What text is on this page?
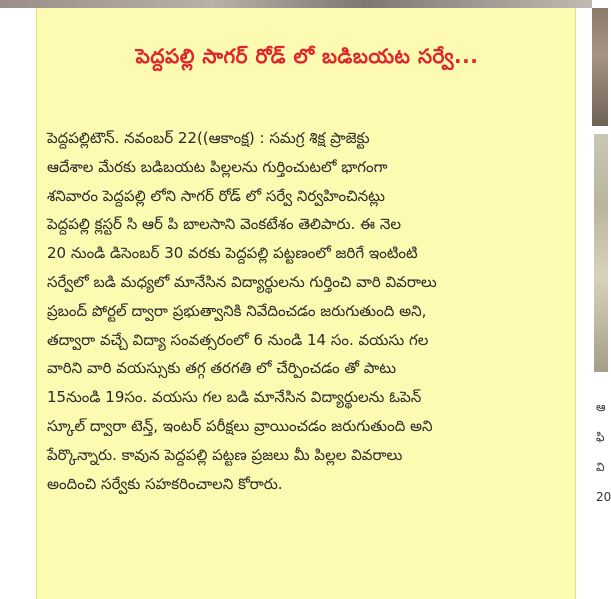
పెద్దపల్లి సాగర్ రోడ్ లో బడిబయట సర్వే...
పెద్దపల్లిటౌన్. నవంబర్ 22((ఆకాంక్ష) : సమగ్ర శిక్ష ప్రాజెక్టు
ఆదేశాల మేరకు బడిబయట పిల్లలను గుర్తించుటలో భాగంగా
శనివారం పెద్దపల్లి లోని సాగర్ రోడ్ లో సర్వే నిర్వహించినట్లు
పెద్దపల్లి క్లస్టర్ సి ఆర్ పి బాలసాని వెంకటేశం తెలిపారు. ఈ నెల
20 నుండి డిసెంబర్ 30 వరకు పెద్దపల్లి పట్టణంలో జరిగే ఇంటింటి
సర్వేలో బడి మధ్యలో మానేసిన విద్యార్థులను గుర్తించి వారి వివరాలు
ప్రబంద్ పోర్టల్ ద్వారా ప్రభుత్వానికి నివేదించడం జరుగుతుంది అని,
తద్వారా వచ్చే విద్యా సంవత్సరంలో 6 నుండి 14 సం. వయసు గల
వారిని వారి వయస్సుకు తగ్గ తరగతి లో చేర్పించడం తో పాటు
15నుండి 19సం. వయసు గల బడి మానేసిన విద్యార్థులను ఓపెన్
స్కూల్ ద్వారా టెన్త్, ఇంటర్ పరీక్షలు వ్రాయించడం జరుగుతుంది అని
పేర్కొన్నారు. కావున పెద్దపల్లి పట్టణ ప్రజలు మీ పిల్లల వివరాలు
అందించి సర్వేకు సహకరించాలని కోరారు.
ఆ
ఫి
వి
20
